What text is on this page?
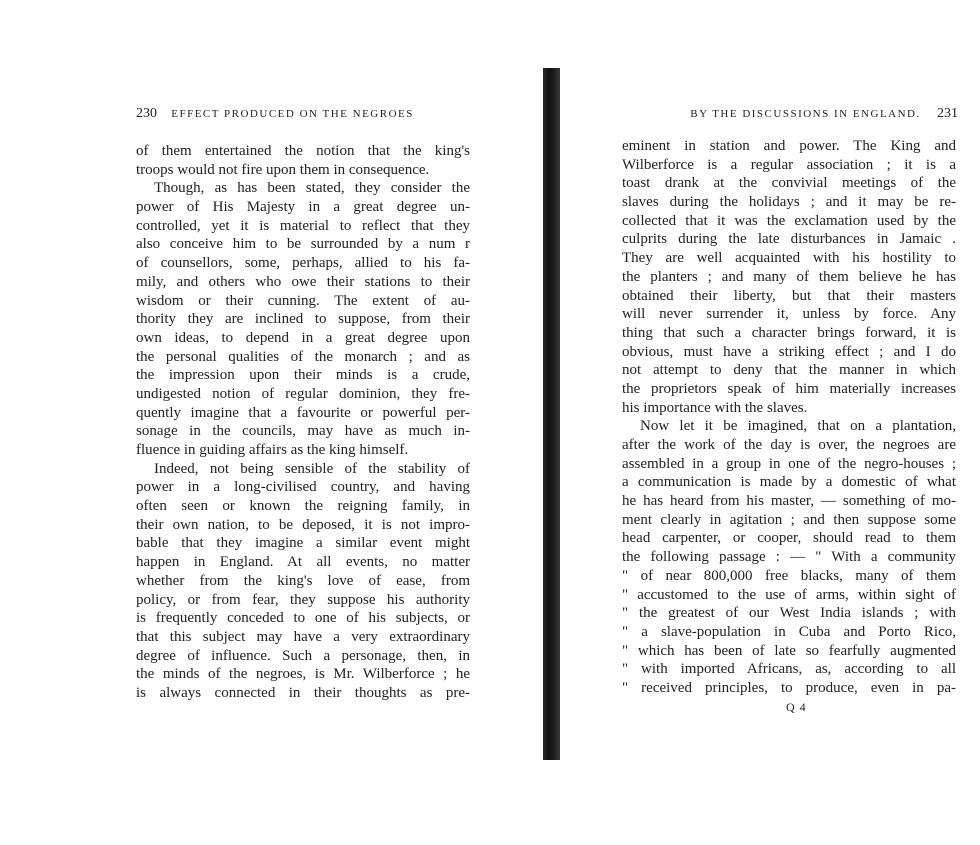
230 EFFECT PRODUCED ON THE NEGROES
of them entertained the notion that the king's
troops would not fire upon them in consequence.
Though, as has been stated, they consider the
power of His Majesty in a great degree un-
controlled, yet it is material to reflect that they
also conceive him to be surrounded by a num r
of counsellors, some, perhaps, allied to his fa-
mily, and others who owe their stations to their
wisdom or their cunning. The extent of au-
thority they are inclined to suppose, from their
own ideas, to depend in a great degree upon
the personal qualities of the monarch ; and as
the impression upon their minds is a crude,
undigested notion of regular dominion, they fre-
quently imagine that a favourite or powerful per-
sonage in the councils, may have as much in-
fluence in guiding affairs as the king himself.
Indeed, not being sensible of the stability of
power in a long-civilised country, and having
often seen or known the reigning family, in
their own nation, to be deposed, it is not impro-
bable that they imagine a similar event might
happen in England. At all events, no matter
whether from the king's love of ease, from
policy, or from fear, they suppose his authority
is frequently conceded to one of his subjects, or
that this subject may have a very extraordinary
degree of influence. Such a personage, then, in
the minds of the negroes, is Mr. Wilberforce ; he
is always connected in their thoughts as pre-
BY THE DISCUSSIONS IN ENGLAND. 231
eminent in station and power. The King and
Wilberforce is a regular association ; it is a
toast drank at the convivial meetings of the
slaves during the holidays ; and it may be re-
collected that it was the exclamation used by the
culprits during the late disturbances in Jamaic .
They are well acquainted with his hostility to
the planters ; and many of them believe he has
obtained their liberty, but that their masters
will never surrender it, unless by force. Any
thing that such a character brings forward, it is
obvious, must have a striking effect ; and I do
not attempt to deny that the manner in which
the proprietors speak of him materially increases
his importance with the slaves.
Now let it be imagined, that on a plantation,
after the work of the day is over, the negroes are
assembled in a group in one of the negro-houses ;
a communication is made by a domestic of what
he has heard from his master, — something of mo-
ment clearly in agitation ; and then suppose some
head carpenter, or cooper, should read to them
the following passage : — " With a community
" of near 800,000 free blacks, many of them
" accustomed to the use of arms, within sight of
" the greatest of our West India islands ; with
" a slave-population in Cuba and Porto Rico,
" which has been of late so fearfully augmented
" with imported Africans, as, according to all
" received principles, to produce, even in pa-
Q 4
